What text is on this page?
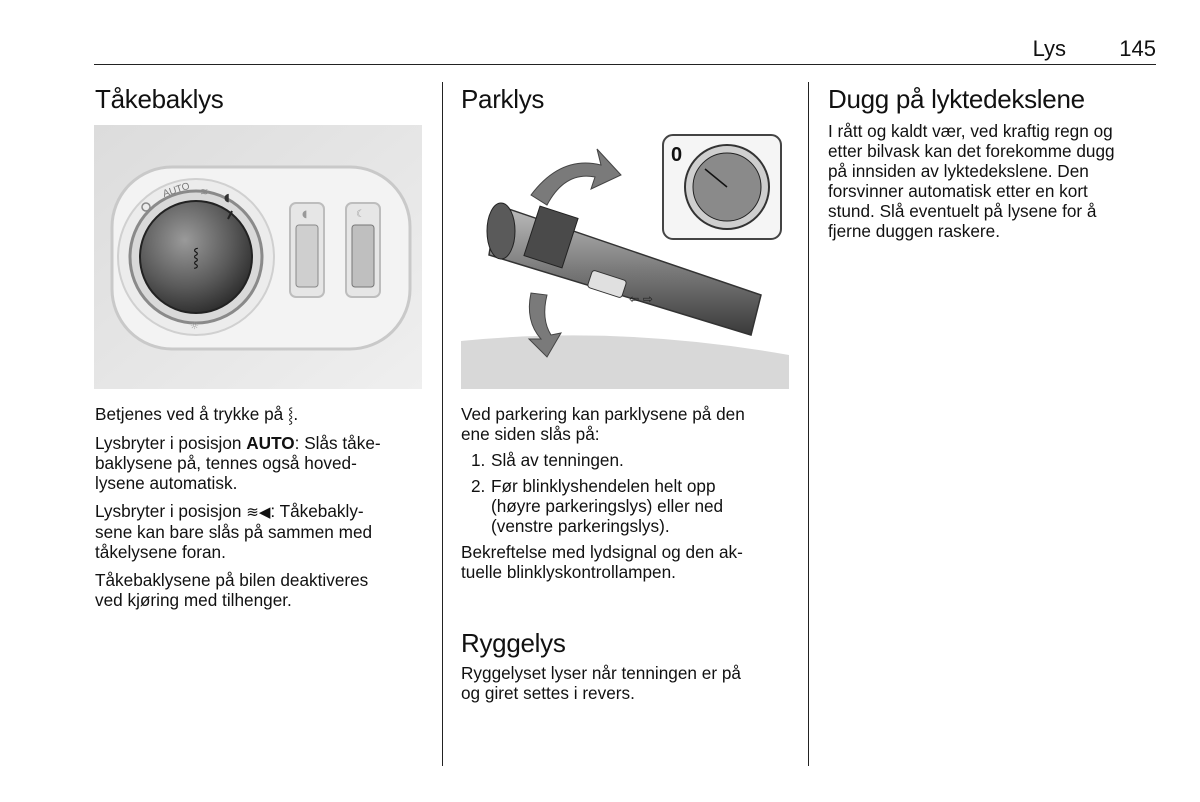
Lys 145
Tåkebaklys
⸾
AUTO ≋ ◖
☼
◖	☾

Betjenes ved å trykke på ⸾.

Lysbryter i posisjon AUTO: Slås tåke-
baklysene på, tennes også hoved-
lysene automatisk.

Lysbryter i posisjon ≋◀: Tåkebakly-
sene kan bare slås på sammen med
tåkelysene foran.

Tåkebaklysene på bilen deaktiveres
ved kjøring med tilhenger.

Parklys
⇦ ⇨
0

Ved parkering kan parklysene på den
ene siden slås på:

1. Slå av tenningen.

2. Før blinklyshendelen helt opp
(høyre parkeringslys) eller ned
(venstre parkeringslys).

Bekreftelse med lydsignal og den ak-
tuelle blinklyskontrollampen.

Ryggelys

Ryggelyset lyser når tenningen er på
og giret settes i revers.

Dugg på lyktedekslene

I rått og kaldt vær, ved kraftig regn og
etter bilvask kan det forekomme dugg
på innsiden av lyktedekslene. Den
forsvinner automatisk etter en kort
stund. Slå eventuelt på lysene for å
fjerne duggen raskere.
